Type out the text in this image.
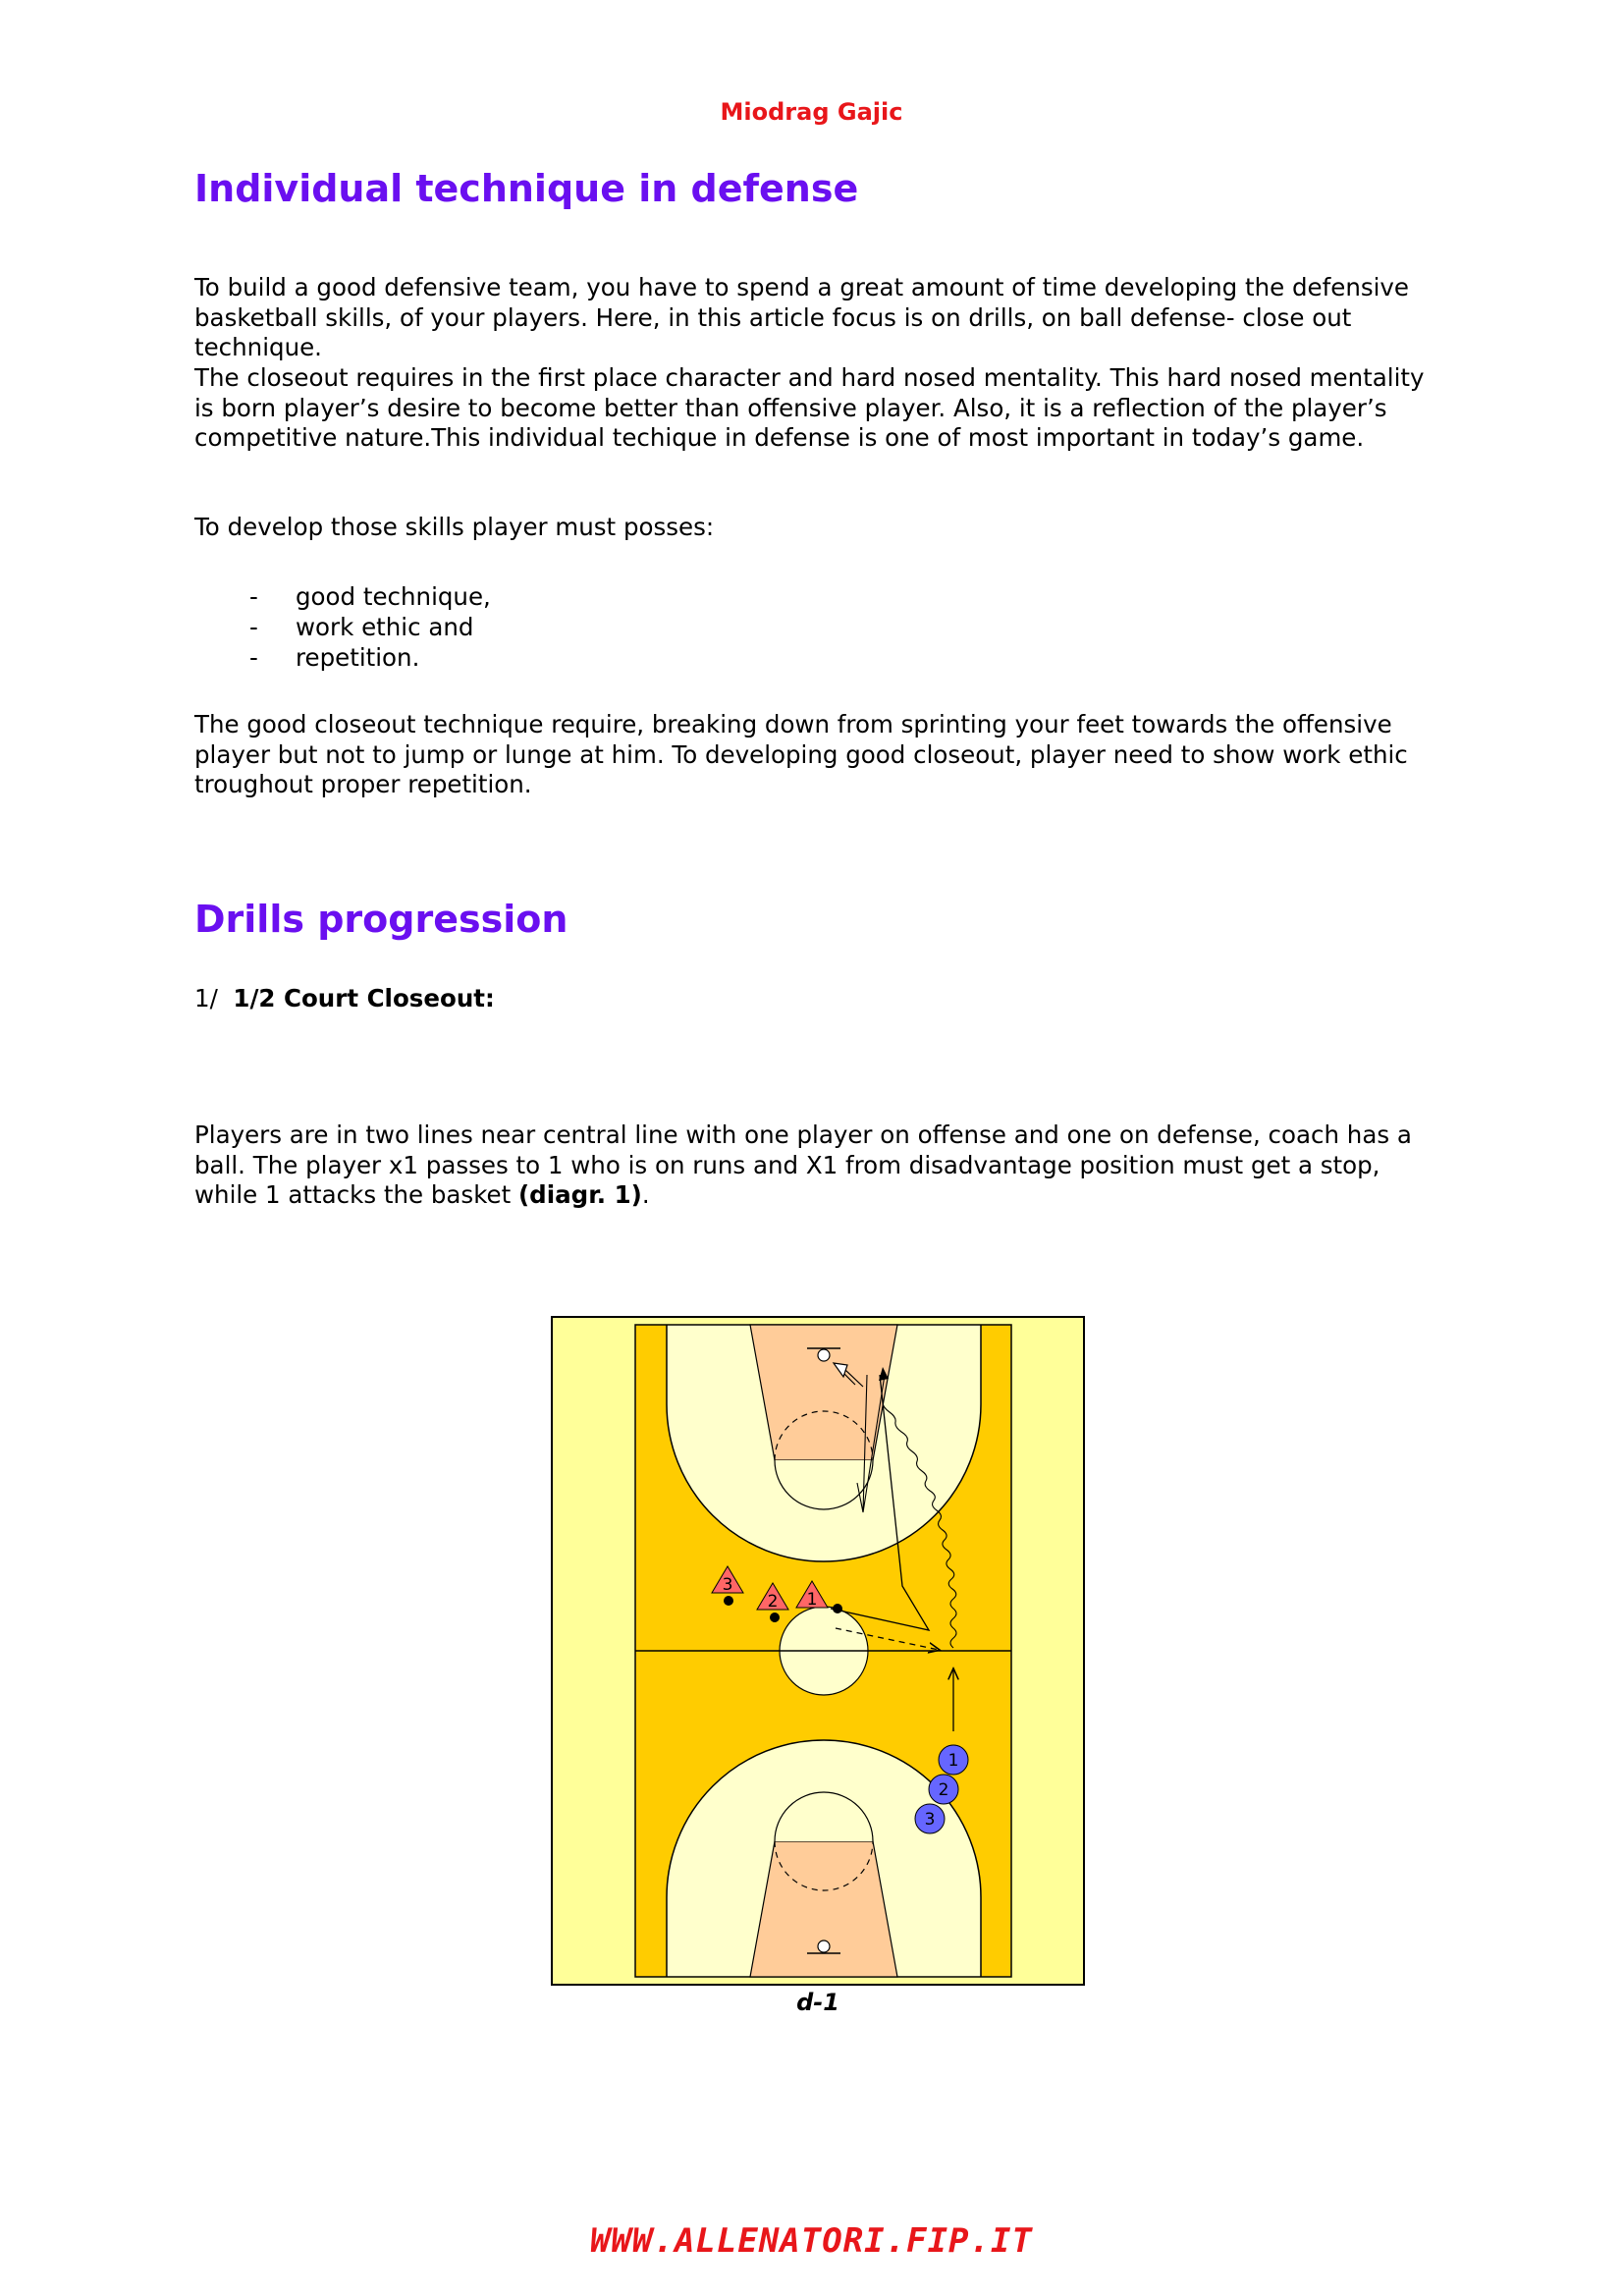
Miodrag Gajic
Individual technique in defense

To build a good defensive team, you have to spend a great amount of time developing the defensive basketball skills, of your players. Here, in this article focus is on drills, on ball defense- close out technique.

The closeout requires in the first place character and hard nosed mentality. This hard nosed mentality is born player’s desire to become better than offensive player. Also, it is a reflection of the player’s competitive nature.This individual techique in defense is one of most important in today’s game.

To develop those skills player must posses:

- good technique,
- work ethic and
- repetition.

The good closeout technique require, breaking down from sprinting your feet towards the offensive player but not to jump or lunge at him. To developing good closeout, player need to show work ethic troughout proper repetition.

Drills progression
1/ 1/2 Court Closeout:

Players are in two lines near central line with one player on offense and one on defense, coach has a ball. The player x1 passes to 1 who is on runs and X1 from disadvantage position must get a stop, while 1 attacks the basket (diagr. 1).

3
2 1
1
2
3
d-1
WWW.ALLENATORI.FIP.IT
